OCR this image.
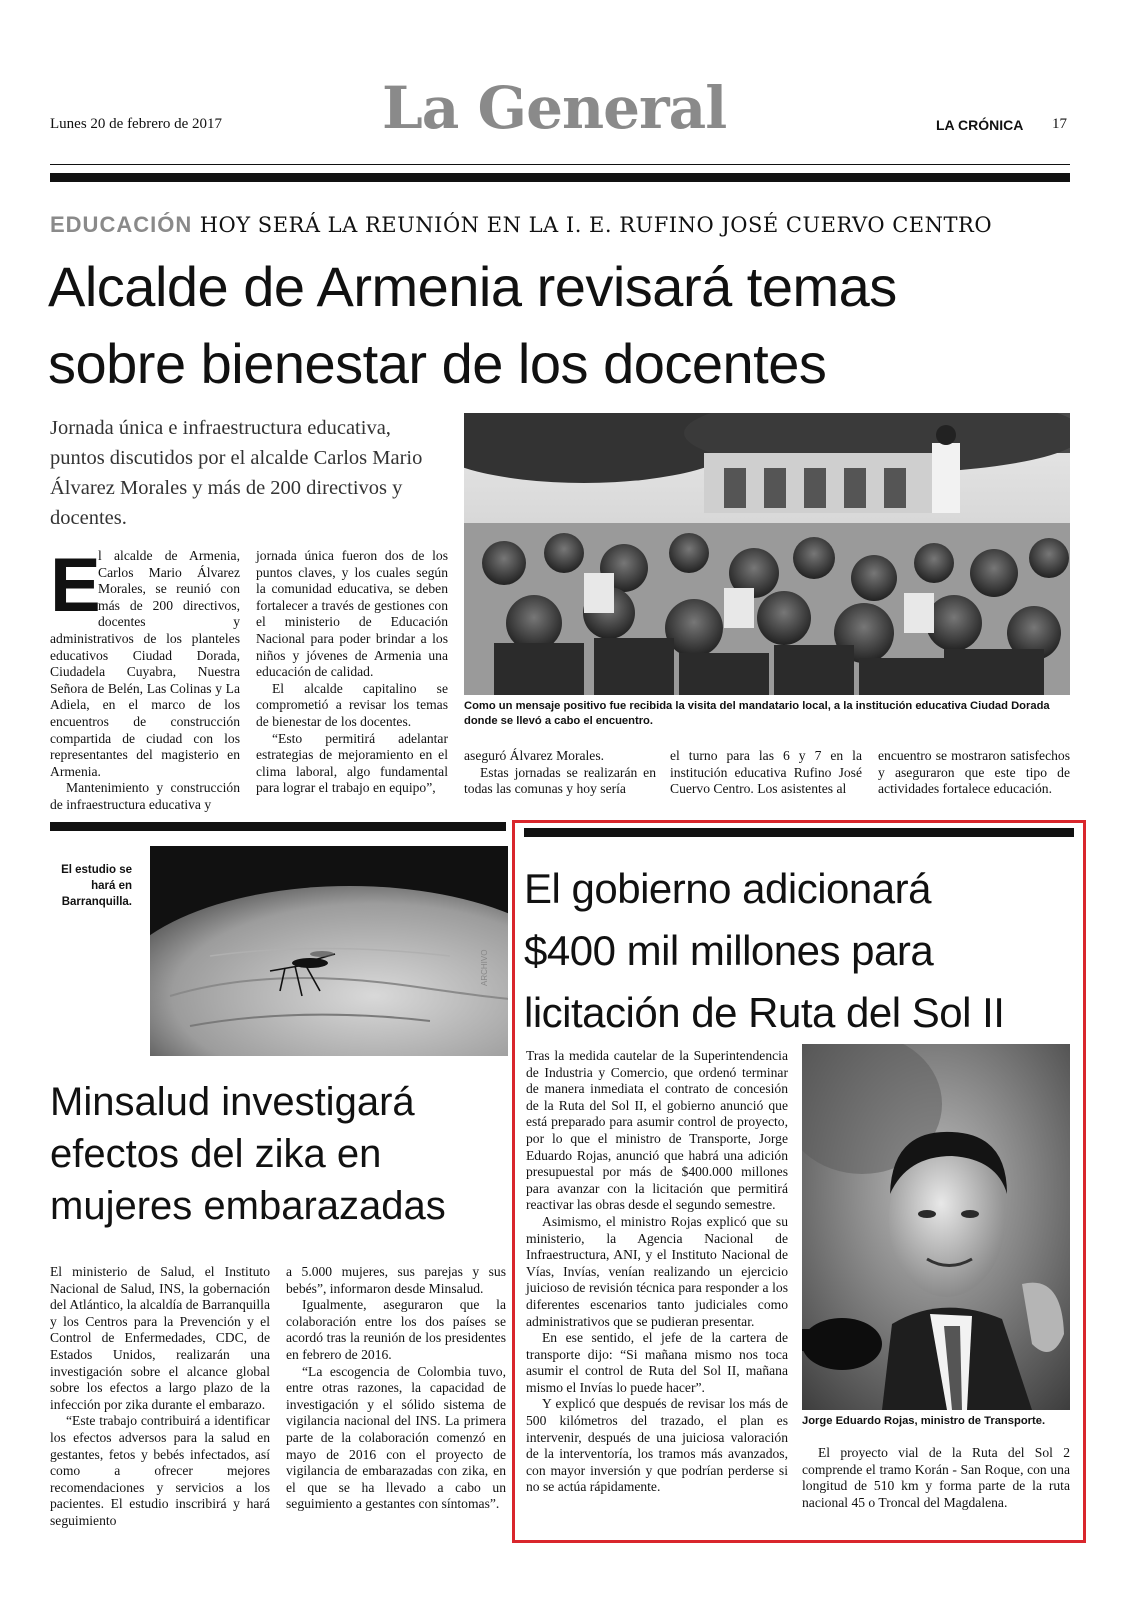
Lunes 20 de febrero de 2017	La General	LA CRÓNICA 17
EDUCACIÓN HOY SERÁ LA REUNIÓN EN LA I. E. RUFINO JOSÉ CUERVO CENTRO
Alcalde de Armenia revisará temas
sobre bienestar de los docentes
Jornada única e infraestructura educativa, puntos discutidos por el alcalde Carlos Mario Álvarez Morales y más de 200 directivos y docentes.
E

l alcalde de Armenia, Carlos Mario Álvarez Morales, se reunió con más de 200 directivos, docentes y administrativos de los planteles educativos Ciudad Dorada, Ciudadela Cuyabra, Nuestra Señora de Belén, Las Colinas y La Adiela, en el marco de los encuentros de construcción compartida de ciudad con los representantes del magisterio en Armenia.

Mantenimiento y construcción de infraestructura educativa y

jornada única fueron dos de los puntos claves, y los cuales según la comunidad educativa, se deben fortalecer a través de gestiones con el ministerio de Educación Nacional para poder brindar a los niños y jóvenes de Armenia una educación de calidad.

El alcalde capitalino se comprometió a revisar los temas de bienestar de los docentes.

“Esto permitirá adelantar estrategias de mejoramiento en el clima laboral, algo fundamental para lograr el trabajo en equipo”,

Como un mensaje positivo fue recibida la visita del mandatario local, a la institución educativa Ciudad Dorada donde se llevó a cabo el encuentro.

aseguró Álvarez Morales.

Estas jornadas se realizarán en todas las comunas y hoy sería

el turno para las 6 y 7 en la institución educativa Rufino José Cuervo Centro. Los asistentes al

encuentro se mostraron satisfechos y aseguraron que este tipo de actividades fortalece educación.

El estudio se hará en Barranquilla.
ARCHIVO
Minsalud investigará
efectos del zika en
mujeres embarazadas

El ministerio de Salud, el Instituto Nacional de Salud, INS, la gobernación del Atlántico, la alcaldía de Barranquilla y los Centros para la Prevención y el Control de Enfermedades, CDC, de Estados Unidos, realizarán una investigación sobre el alcance global sobre los efectos a largo plazo de la infección por zika durante el embarazo.

“Este trabajo contribuirá a identificar los efectos adversos para la salud en gestantes, fetos y bebés infectados, así como a ofrecer mejores recomendaciones y servicios a los pacientes. El estudio inscribirá y hará seguimiento

a 5.000 mujeres, sus parejas y sus bebés”, informaron desde Minsalud.

Igualmente, aseguraron que la colaboración entre los dos países se acordó tras la reunión de los presidentes en febrero de 2016.

“La escogencia de Colombia tuvo, entre otras razones, la capacidad de investigación y el sólido sistema de vigilancia nacional del INS. La primera parte de la colaboración comenzó en mayo de 2016 con el proyecto de vigilancia de embarazadas con zika, en el que se ha llevado a cabo un seguimiento a gestantes con síntomas”.

El gobierno adicionará
$400 mil millones para
licitación de Ruta del Sol II

Tras la medida cautelar de la Superintendencia de Industria y Comercio, que ordenó terminar de manera inmediata el contrato de concesión de la Ruta del Sol II, el gobierno anunció que está preparado para asumir control de proyecto, por lo que el ministro de Transporte, Jorge Eduardo Rojas, anunció que habrá una adición presupuestal por más de $400.000 millones para avanzar con la licitación que permitirá reactivar las obras desde el segundo semestre.

Asimismo, el ministro Rojas explicó que su ministerio, la Agencia Nacional de Infraestructura, ANI, y el Instituto Nacional de Vías, Invías, venían realizando un ejercicio juicioso de revisión técnica para responder a los diferentes escenarios tanto judiciales como administrativos que se pudieran presentar.

En ese sentido, el jefe de la cartera de transporte dijo: “Si mañana mismo nos toca asumir el control de Ruta del Sol II, mañana mismo el Invías lo puede hacer”.

Y explicó que después de revisar los más de 500 kilómetros del trazado, el plan es intervenir, después de una juiciosa valoración de la interventoría, los tramos más avanzados, con mayor inversión y que podrían perderse si no se actúa rápidamente.

Jorge Eduardo Rojas, ministro de Transporte.

El proyecto vial de la Ruta del Sol 2 comprende el tramo Korán - San Roque, con una longitud de 510 km y forma parte de la ruta nacional 45 o Troncal del Magdalena.
